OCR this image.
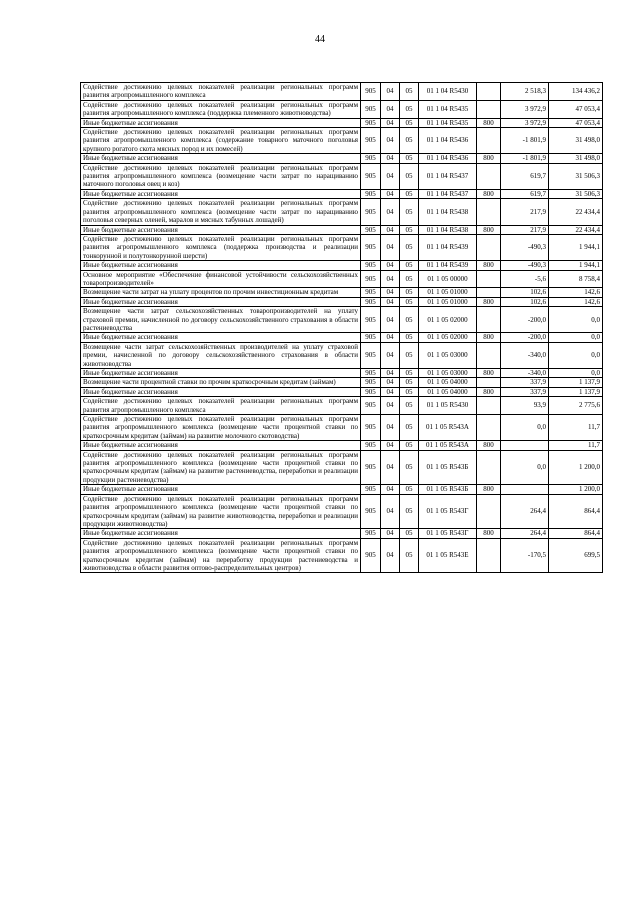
44
Содействие достижению целевых показателей реализации региональных программ развития агропромышленного комплекса	905	04	05	01 1 04 R5430		2 518,3	134 436,2
Содействие достижению целевых показателей реализации региональных программ развития агропромышленного комплекса (поддержка племенного животноводства)	905	04	05	01 1 04 R5435		3 972,9	47 053,4
Иные бюджетные ассигнования	905	04	05	01 1 04 R5435	800	3 972,9	47 053,4
Содействие достижению целевых показателей реализации региональных программ развития агропромышленного комплекса (содержание товарного маточного поголовья крупного рогатого скота мясных пород и их помесей)	905	04	05	01 1 04 R5436		-1 801,9	31 498,0
Иные бюджетные ассигнования	905	04	05	01 1 04 R5436	800	-1 801,9	31 498,0
Содействие достижению целевых показателей реализации региональных программ развития агропромышленного комплекса (возмещение части затрат по наращиванию маточного поголовья овец и коз)	905	04	05	01 1 04 R5437		619,7	31 506,3
Иные бюджетные ассигнования	905	04	05	01 1 04 R5437	800	619,7	31 506,3
Содействие достижению целевых показателей реализации региональных программ развития агропромышленного комплекса (возмещение части затрат по наращиванию поголовья северных оленей, маралов и мясных табунных лошадей)	905	04	05	01 1 04 R5438		217,9	22 434,4
Иные бюджетные ассигнования	905	04	05	01 1 04 R5438	800	217,9	22 434,4
Содействие достижению целевых показателей реализации региональных программ развития агропромышленного комплекса (поддержка производства и реализации тонкорунной и полутонкорунной шерсти)	905	04	05	01 1 04 R5439		-490,3	1 944,1
Иные бюджетные ассигнования	905	04	05	01 1 04 R5439	800	-490,3	1 944,1
Основное мероприятие «Обеспечение финансовой устойчивости сельскохозяйственных товаропроизводителей»	905	04	05	01 1 05 00000		-5,6	8 758,4
Возмещение части затрат на уплату процентов по прочим инвестиционным кредитам	905	04	05	01 1 05 01000		102,6	142,6
Иные бюджетные ассигнования	905	04	05	01 1 05 01000	800	102,6	142,6
Возмещение части затрат сельскохозяйственных товаропроизводителей на уплату страховой премии, начисленной по договору сельскохозяйственного страхования в области растениеводства	905	04	05	01 1 05 02000		-200,0	0,0
Иные бюджетные ассигнования	905	04	05	01 1 05 02000	800	-200,0	0,0
Возмещение части затрат сельскохозяйственных производителей на уплату страховой премии, начисленной по договору сельскохозяйственного страхования в области животноводства	905	04	05	01 1 05 03000		-340,0	0,0
Иные бюджетные ассигнования	905	04	05	01 1 05 03000	800	-340,0	0,0
Возмещение части процентной ставки по прочим краткосрочным кредитам (займам)	905	04	05	01 1 05 04000		337,9	1 137,9
Иные бюджетные ассигнования	905	04	05	01 1 05 04000	800	337,9	1 137,9
Содействие достижению целевых показателей реализации региональных программ развития агропромышленного комплекса	905	04	05	01 1 05 R5430		93,9	2 775,6
Содействие достижению целевых показателей реализации региональных программ развития агропромышленного комплекса (возмещение части процентной ставки по краткосрочным кредитам (займам) на развитие молочного скотоводства)	905	04	05	01 1 05 R543А		0,0	11,7
Иные бюджетные ассигнования	905	04	05	01 1 05 R543А	800		11,7
Содействие достижению целевых показателей реализации региональных программ развития агропромышленного комплекса (возмещение части процентной ставки по краткосрочным кредитам (займам) на развитие растениеводства, переработки и реализации продукции растениеводства)	905	04	05	01 1 05 R543Б		0,0	1 200,0
Иные бюджетные ассигнования	905	04	05	01 1 05 R543Б	800		1 200,0
Содействие достижению целевых показателей реализации региональных программ развития агропромышленного комплекса (возмещение части процентной ставки по краткосрочным кредитам (займам) на развитие животноводства, переработки и реализации продукции животноводства)	905	04	05	01 1 05 R543Г		264,4	864,4
Иные бюджетные ассигнования	905	04	05	01 1 05 R543Г	800	264,4	864,4
Содействие достижению целевых показателей реализации региональных программ развития агропромышленного комплекса (возмещение части процентной ставки по краткосрочным кредитам (займам) на переработку продукции растениеводства и животноводства в области развития оптово-распределительных центров)	905	04	05	01 1 05 R543Е		-170,5	699,5
